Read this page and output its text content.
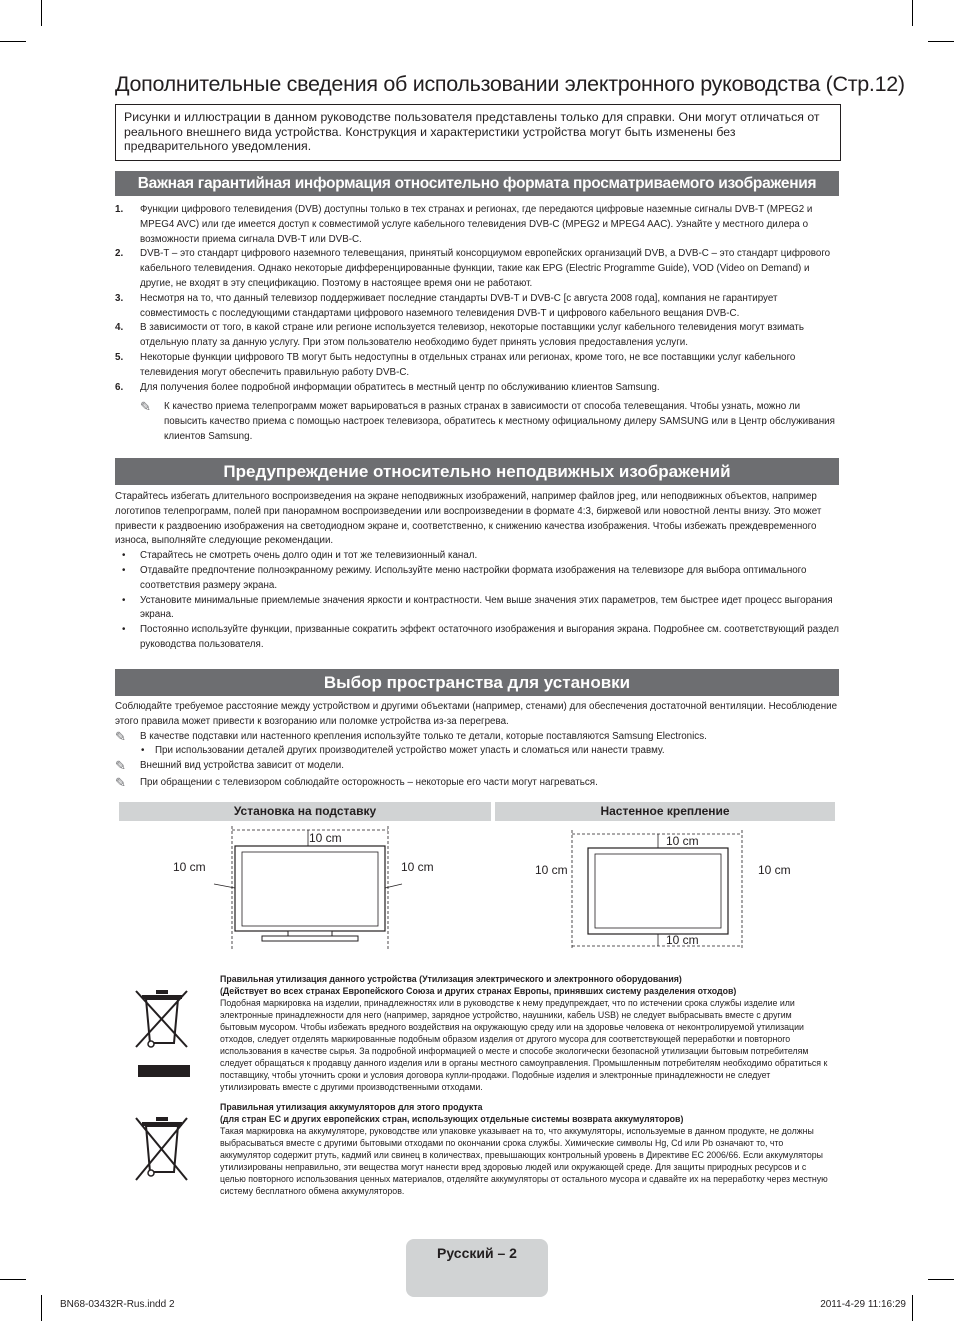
Дополнительные сведения об использовании электронного руководства (Стр.12)
Рисунки и иллюстрации в данном руководстве пользователя представлены только для справки. Они могут отличаться от реального внешнего вида устройства. Конструкция и характеристики устройства могут быть изменены без предварительного уведомления.
Важная гарантийная информация относительно формата просматриваемого изображения
1. Функции цифрового телевидения (DVB) доступны только в тех странах и регионах, где передаются цифровые наземные сигналы DVB-T (MPEG2 и MPEG4 AVC) или где имеется доступ к совместимой услуге кабельного телевидения DVB-C (MPEG2 и MPEG4 AAC). Узнайте у местного дилера о возможности приема сигнала DVB-T или DVB-C.
2. DVB-T – это стандарт цифрового наземного телевещания, принятый консорциумом европейских организаций DVB, а DVB-C – это стандарт цифрового кабельного телевидения. Однако некоторые дифференцированные функции, такие как EPG (Electric Programme Guide), VOD (Video on Demand) и другие, не входят в эту спецификацию. Поэтому в настоящее время они не работают.
3. Несмотря на то, что данный телевизор поддерживает последние стандарты DVB-T и DVB-C [с августа 2008 года], компания не гарантирует совместимость с последующими стандартами цифрового наземного телевидения DVB-T и цифрового кабельного вещания DVB-C.
4. В зависимости от того, в какой стране или регионе используется телевизор, некоторые поставщики услуг кабельного телевидения могут взимать отдельную плату за данную услугу. При этом пользователю необходимо будет принять условия предоставления услуги.
5. Некоторые функции цифрового ТВ могут быть недоступны в отдельных странах или регионах, кроме того, не все поставщики услуг кабельного телевидения могут обеспечить правильную работу DVB-C.
6. Для получения более подробной информации обратитесь в местный центр по обслуживанию клиентов Samsung.
✎ К качество приема телепрограмм может варьироваться в разных странах в зависимости от способа телевещания. Чтобы узнать, можно ли повысить качество приема с помощью настроек телевизора, обратитесь к местному официальному дилеру SAMSUNG или в Центр обслуживания клиентов Samsung.
Предупреждение относительно неподвижных изображений
Старайтесь избегать длительного воспроизведения на экране неподвижных изображений, например файлов jpeg, или неподвижных объектов, например логотипов телепрограмм, полей при панорамном воспроизведении или воспроизведении в формате 4:3, биржевой или новостной ленты внизу. Это может привести к раздвоению изображения на светодиодном экране и, соответственно, к снижению качества изображения. Чтобы избежать преждевременного износа, выполняйте следующие рекомендации.
• Старайтесь не смотреть очень долго один и тот же телевизионный канал.
• Отдавайте предпочтение полноэкранному режиму. Используйте меню настройки формата изображения на телевизоре для выбора оптимального соответствия размеру экрана.
• Установите минимальные приемлемые значения яркости и контрастности. Чем выше значения этих параметров, тем быстрее идет процесс выгорания экрана.
• Постоянно используйте функции, призванные сократить эффект остаточного изображения и выгорания экрана. Подробнее см. соответствующий раздел руководства пользователя.
Выбор пространства для установки
Соблюдайте требуемое расстояние между устройством и другими объектами (например, стенами) для обеспечения достаточной вентиляции. Несоблюдение этого правила может привести к возгоранию или поломке устройства из-за перегрева.
✎ В качестве подставки или настенного крепления используйте только те детали, которые поставляются Samsung Electronics.
• При использовании деталей других производителей устройство может упасть и сломаться или нанести травму.
✎ Внешний вид устройства зависит от модели.
✎ При обращении с телевизором соблюдайте осторожность – некоторые его части могут нагреваться.
Установка на подставку	Настенное крепление
10 cm
10 cm	10 cm
10 cm
10 cm	10 cm
10 cm
Правильная утилизация данного устройства (Утилизация электрического и электронного оборудования)
(Действует во всех странах Европейского Союза и других странах Европы, принявших систему разделения отходов)
Подобная маркировка на изделии, принадлежностях или в руководстве к нему предупреждает, что по истечении срока службы изделие или электронные принадлежности для него (например, зарядное устройство, наушники, кабель USB) не следует выбрасывать вместе с другим бытовым мусором. Чтобы избежать вредного воздействия на окружающую среду или на здоровье человека от неконтролируемой утилизации отходов, следует отделять маркированные подобным образом изделия от другого мусора для соответствующей переработки и повторного использования в качестве сырья. За подробной информацией о месте и способе экологически безопасной утилизации бытовым потребителям следует обращаться к продавцу данного изделия или в органы местного самоуправления. Промышленным потребителям необходимо обратиться к поставщику, чтобы уточнить сроки и условия договора купли-продажи. Подобные изделия и электронные принадлежности не следует утилизировать вместе с другими производственными отходами.
Правильная утилизация аккумуляторов для этого продукта
(для стран ЕС и других европейских стран, использующих отдельные системы возврата аккумуляторов)
Такая маркировка на аккумуляторе, руководстве или упаковке указывает на то, что аккумуляторы, используемые в данном продукте, не должны выбрасываться вместе с другими бытовыми отходами по окончании срока службы. Химические символы Hg, Cd или Pb означают то, что аккумулятор содержит ртуть, кадмий или свинец в количествах, превышающих контрольный уровень в Директиве ЕС 2006/66. Если аккумуляторы утилизированы неправильно, эти вещества могут нанести вред здоровью людей или окружающей среде. Для защиты природных ресурсов и с целью повторного использования ценных материалов, отделяйте аккумуляторы от остального мусора и сдавайте их на переработку через местную систему бесплатного обмена аккумуляторов.
Русский – 2
BN68-03432R-Rus.indd 2	2011-4-29 11:16:29
